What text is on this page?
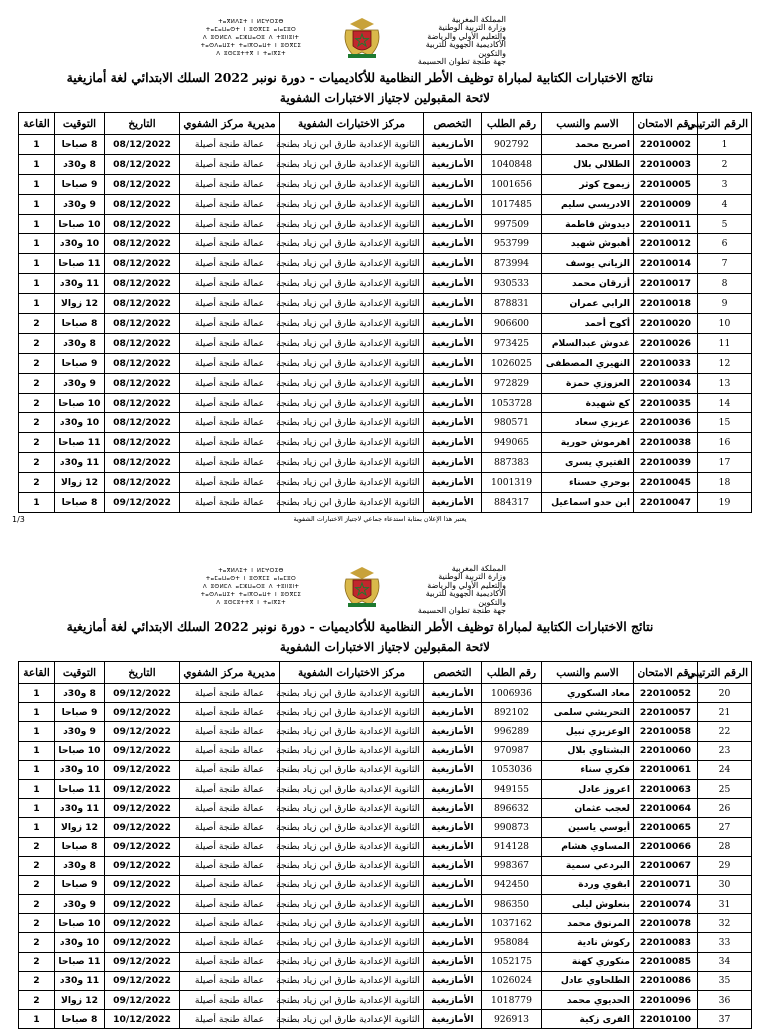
ⵜⴰⴳⵍⴷⵉⵜ ⵏ ⵍⵎⵖⵔⵉⴱ
ⵜⴰⵎⴰⵡⴰⵙⵜ ⵏ ⵓⵙⴳⵎⵉ ⴰⵏⴰⵎⵓⵔ
ⴷ ⵓⵙⵍⵎⴷ ⴰⵎⵣⵡⴰⵔⵓ ⴷ ⵜⵓⵏⵏⵓⵏⵜ
ⵜⴰⵙⴷⴰⵡⵉⵜ ⵜⴰⵏⴳⵔⴰⵡⵜ ⵏ ⵓⵙⴳⵎⵉ
ⴷ ⵓⵙⵎⵓⵜⵜⴳ ⵏ ⵜⴰⵏⴳⵉⵜ
المملكة المغربية
وزارة التربية الوطنية
والتعليم الأولي والرياضة
الأكاديمية الجهوية للتربية والتكوين
جهة طنجة تطوان الحسيمة
نتائج الاختبارات الكتابية لمباراة توظيف الأطر النظامية للأكاديميات - دورة نونبر 2022 السلك الابتدائي لغة أمازيغية
لائحة المقبولين لاجتياز الاختبارات الشفوية
القاعة	التوقيت	التاريخ	مديرية مركز الشفوي	مركز الاختبارات الشفوية	التخصص	رقم الطلب	الاسم والنسب	رقم الامتحان	الرقم الترتيبي
1	8 صباحا	08/12/2022	عمالة طنجة أصيلة	الثانوية الإعدادية طارق ابن زياد بطنجة	الأمازيغية	902792	اصريح محمد	22010002	1
1	8 و30د	08/12/2022	عمالة طنجة أصيلة	الثانوية الإعدادية طارق ابن زياد بطنجة	الأمازيغية	1040848	الطلالي بلال	22010003	2
1	9 صباحا	08/12/2022	عمالة طنجة أصيلة	الثانوية الإعدادية طارق ابن زياد بطنجة	الأمازيغية	1001656	زيموح كوثر	22010005	3
1	9 و30د	08/12/2022	عمالة طنجة أصيلة	الثانوية الإعدادية طارق ابن زياد بطنجة	الأمازيغية	1017485	الادريسي سليم	22010009	4
1	10 صباحا	08/12/2022	عمالة طنجة أصيلة	الثانوية الإعدادية طارق ابن زياد بطنجة	الأمازيغية	997509	ديدوش فاطمة	22010011	5
1	10 و30د	08/12/2022	عمالة طنجة أصيلة	الثانوية الإعدادية طارق ابن زياد بطنجة	الأمازيغية	953799	أهبوش شهيد	22010012	6
1	11 صباحا	08/12/2022	عمالة طنجة أصيلة	الثانوية الإعدادية طارق ابن زياد بطنجة	الأمازيغية	873994	الزياني يوسف	22010014	7
1	11 و30د	08/12/2022	عمالة طنجة أصيلة	الثانوية الإعدادية طارق ابن زياد بطنجة	الأمازيغية	930533	أزرقان محمد	22010017	8
1	12 زوالا	08/12/2022	عمالة طنجة أصيلة	الثانوية الإعدادية طارق ابن زياد بطنجة	الأمازيغية	878831	الرابي عمران	22010018	9
2	8 صباحا	08/12/2022	عمالة طنجة أصيلة	الثانوية الإعدادية طارق ابن زياد بطنجة	الأمازيغية	906600	أكوح أحمد	22010020	10
2	8 و30د	08/12/2022	عمالة طنجة أصيلة	الثانوية الإعدادية طارق ابن زياد بطنجة	الأمازيغية	973425	غدوش عبدالسلام	22010026	11
2	9 صباحا	08/12/2022	عمالة طنجة أصيلة	الثانوية الإعدادية طارق ابن زياد بطنجة	الأمازيغية	1026025	النهيري المصطفى	22010033	12
2	9 و30د	08/12/2022	عمالة طنجة أصيلة	الثانوية الإعدادية طارق ابن زياد بطنجة	الأمازيغية	972829	العزوزي حمزة	22010034	13
2	10 صباحا	08/12/2022	عمالة طنجة أصيلة	الثانوية الإعدادية طارق ابن زياد بطنجة	الأمازيغية	1053728	كع شهيدة	22010035	14
2	10 و30د	08/12/2022	عمالة طنجة أصيلة	الثانوية الإعدادية طارق ابن زياد بطنجة	الأمازيغية	980571	عزيزي سعاد	22010036	15
2	11 صباحا	08/12/2022	عمالة طنجة أصيلة	الثانوية الإعدادية طارق ابن زياد بطنجة	الأمازيغية	949065	اهرموش حورية	22010038	16
2	11 و30د	08/12/2022	عمالة طنجة أصيلة	الثانوية الإعدادية طارق ابن زياد بطنجة	الأمازيغية	887383	الفتيري يسرى	22010039	17
2	12 زوالا	08/12/2022	عمالة طنجة أصيلة	الثانوية الإعدادية طارق ابن زياد بطنجة	الأمازيغية	1001319	بوحري حسناء	22010045	18
1	8 صباحا	09/12/2022	عمالة طنجة أصيلة	الثانوية الإعدادية طارق ابن زياد بطنجة	الأمازيغية	884317	ابن حدو اسماعيل	22010047	19
1/3	يعتبر هذا الإعلان بمثابة استدعاء جماعي لاجتياز الاختبارات الشفوية
ⵜⴰⴳⵍⴷⵉⵜ ⵏ ⵍⵎⵖⵔⵉⴱ
ⵜⴰⵎⴰⵡⴰⵙⵜ ⵏ ⵓⵙⴳⵎⵉ ⴰⵏⴰⵎⵓⵔ
ⴷ ⵓⵙⵍⵎⴷ ⴰⵎⵣⵡⴰⵔⵓ ⴷ ⵜⵓⵏⵏⵓⵏⵜ
ⵜⴰⵙⴷⴰⵡⵉⵜ ⵜⴰⵏⴳⵔⴰⵡⵜ ⵏ ⵓⵙⴳⵎⵉ
ⴷ ⵓⵙⵎⵓⵜⵜⴳ ⵏ ⵜⴰⵏⴳⵉⵜ
المملكة المغربية
وزارة التربية الوطنية
والتعليم الأولي والرياضة
الأكاديمية الجهوية للتربية والتكوين
جهة طنجة تطوان الحسيمة
نتائج الاختبارات الكتابية لمباراة توظيف الأطر النظامية للأكاديميات - دورة نونبر 2022 السلك الابتدائي لغة أمازيغية
لائحة المقبولين لاجتياز الاختبارات الشفوية
القاعة	التوقيت	التاريخ	مديرية مركز الشفوي	مركز الاختبارات الشفوية	التخصص	رقم الطلب	الاسم والنسب	رقم الامتحان	الرقم الترتيبي
1	8 و30د	09/12/2022	عمالة طنجة أصيلة	الثانوية الإعدادية طارق ابن زياد بطنجة	الأمازيغية	1006936	معاد السكوري	22010052	20
1	9 صباحا	09/12/2022	عمالة طنجة أصيلة	الثانوية الإعدادية طارق ابن زياد بطنجة	الأمازيغية	892102	التحريشي سلمى	22010057	21
1	9 و30د	09/12/2022	عمالة طنجة أصيلة	الثانوية الإعدادية طارق ابن زياد بطنجة	الأمازيغية	996289	الوعزيزي نبيل	22010058	22
1	10 صباحا	09/12/2022	عمالة طنجة أصيلة	الثانوية الإعدادية طارق ابن زياد بطنجة	الأمازيغية	970987	البشتاوي بلال	22010060	23
1	10 و30د	09/12/2022	عمالة طنجة أصيلة	الثانوية الإعدادية طارق ابن زياد بطنجة	الأمازيغية	1053036	فكري سناء	22010061	24
1	11 صباحا	09/12/2022	عمالة طنجة أصيلة	الثانوية الإعدادية طارق ابن زياد بطنجة	الأمازيغية	949155	اعروز عادل	22010063	25
1	11 و30د	09/12/2022	عمالة طنجة أصيلة	الثانوية الإعدادية طارق ابن زياد بطنجة	الأمازيغية	896632	لعجب عثمان	22010064	26
1	12 زوالا	09/12/2022	عمالة طنجة أصيلة	الثانوية الإعدادية طارق ابن زياد بطنجة	الأمازيغية	990873	أيوسي ياسين	22010065	27
2	8 صباحا	09/12/2022	عمالة طنجة أصيلة	الثانوية الإعدادية طارق ابن زياد بطنجة	الأمازيغية	914128	المساوي هشام	22010066	28
2	8 و30د	09/12/2022	عمالة طنجة أصيلة	الثانوية الإعدادية طارق ابن زياد بطنجة	الأمازيغية	998367	البردعي سمية	22010067	29
2	9 صباحا	09/12/2022	عمالة طنجة أصيلة	الثانوية الإعدادية طارق ابن زياد بطنجة	الأمازيغية	942450	ابقوي وردة	22010071	30
2	9 و30د	09/12/2022	عمالة طنجة أصيلة	الثانوية الإعدادية طارق ابن زياد بطنجة	الأمازيغية	986350	بنعلوش ليلى	22010074	31
2	10 صباحا	09/12/2022	عمالة طنجة أصيلة	الثانوية الإعدادية طارق ابن زياد بطنجة	الأمازيغية	1037162	المرنوق محمد	22010078	32
2	10 و30د	09/12/2022	عمالة طنجة أصيلة	الثانوية الإعدادية طارق ابن زياد بطنجة	الأمازيغية	958084	ركوش نادية	22010083	33
2	11 صباحا	09/12/2022	عمالة طنجة أصيلة	الثانوية الإعدادية طارق ابن زياد بطنجة	الأمازيغية	1052175	منكوري كهنة	22010085	34
2	11 و30د	09/12/2022	عمالة طنجة أصيلة	الثانوية الإعدادية طارق ابن زياد بطنجة	الأمازيغية	1026024	الطلحاوي عادل	22010086	35
2	12 زوالا	09/12/2022	عمالة طنجة أصيلة	الثانوية الإعدادية طارق ابن زياد بطنجة	الأمازيغية	1018779	الحديوي محمد	22010096	36
1	8 صباحا	10/12/2022	عمالة طنجة أصيلة	الثانوية الإعدادية طارق ابن زياد بطنجة	الأمازيغية	926913	الفرى زكية	22010100	37
